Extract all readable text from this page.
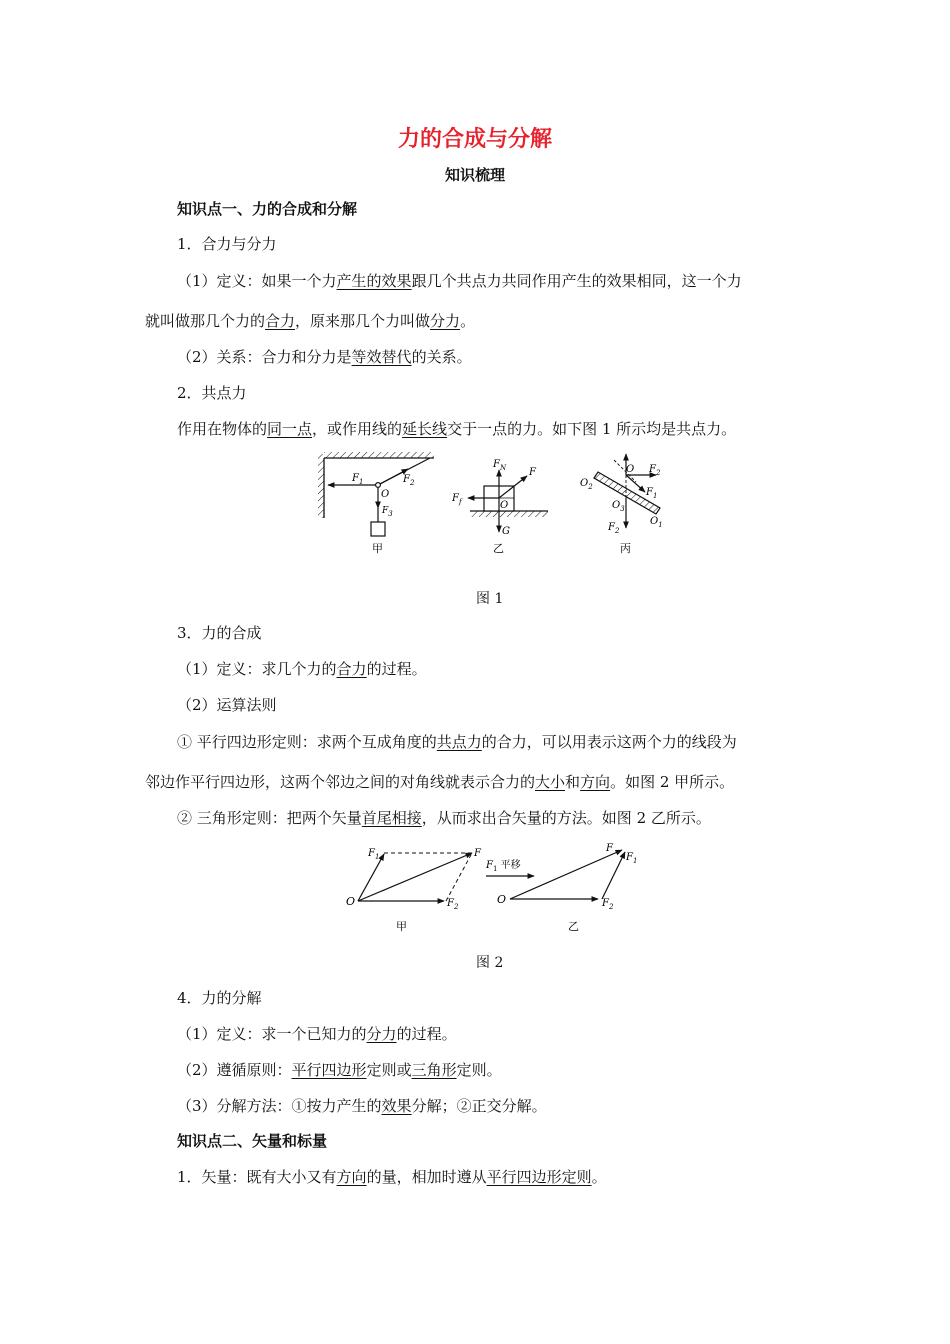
力的合成与分解
知识梳理
知识点一、力的合成和分解
1．合力与分力
（1）定义：如果一个力产生的效果跟几个共点力共同作用产生的效果相同，这一个力
就叫做那几个力的合力，原来那几个力叫做分力。
（2）关系：合力和分力是等效替代的关系。
2．共点力
作用在物体的同一点，或作用线的延长线交于一点的力。如下图 1 所示均是共点力。
$F_1$	$F_2$
O
$F_3$
甲
$F_N$ F
$F_f$	O
G
乙
O $F_2$
$F_1$
$O_2$
$O_3$
$O_1$
$F_2$
丙
图 1
3．力的合成
（1）定义：求几个力的合力的过程。
（2）运算法则
① 平行四边形定则：求两个互成角度的共点力的合力，可以用表示这两个力的线段为
邻边作平行四边形，这两个邻边之间的对角线就表示合力的大小和方向。如图 2 甲所示。
② 三角形定则：把两个矢量首尾相接，从而求出合矢量的方法。如图 2 乙所示。
$F_1$	F
O	$F_2$
甲
$F_1$ 平移
O
F
$F_1$
$F_2$
乙
图 2
4．力的分解
（1）定义：求一个已知力的分力的过程。
（2）遵循原则：平行四边形定则或三角形定则。
（3）分解方法：①按力产生的效果分解；②正交分解。
知识点二、矢量和标量
1．矢量：既有大小又有方向的量，相加时遵从平行四边形定则。
